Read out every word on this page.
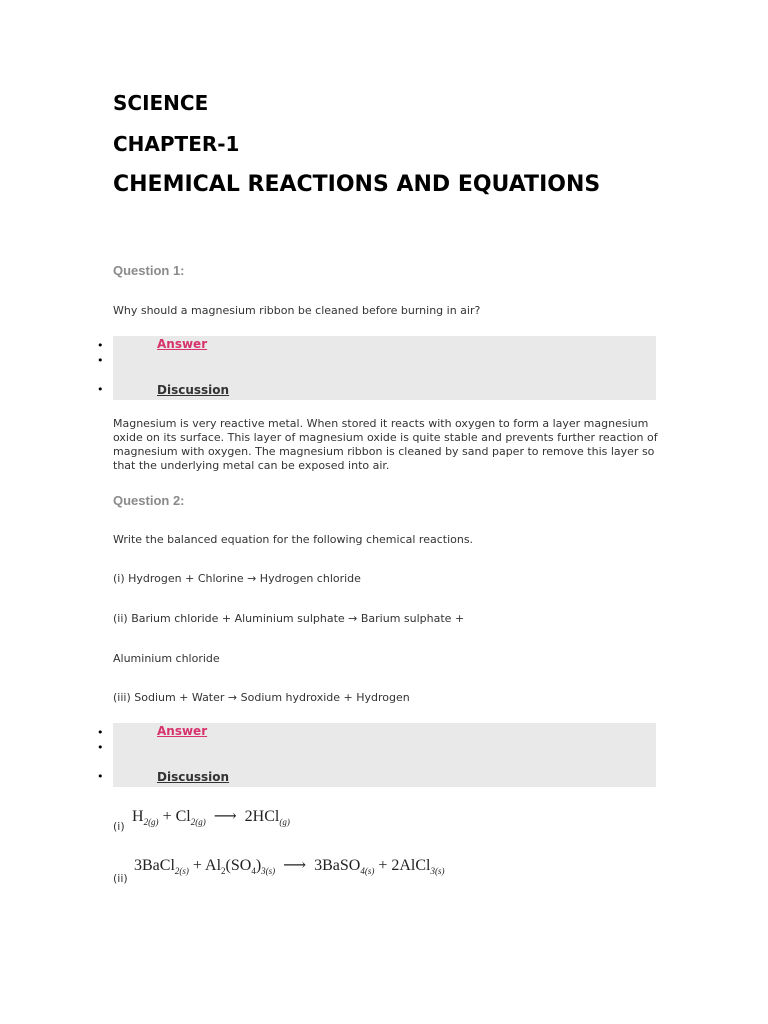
SCIENCE
CHAPTER-1
CHEMICAL REACTIONS AND EQUATIONS
Question 1:
Why should a magnesium ribbon be cleaned before burning in air?
•
•
•
Answer
Discussion
Magnesium is very reactive metal. When stored it reacts with oxygen to form a layer magnesium oxide on its surface. This layer of magnesium oxide is quite stable and prevents further reaction of magnesium with oxygen. The magnesium ribbon is cleaned by sand paper to remove this layer so that the underlying metal can be exposed into air.
Question 2:
Write the balanced equation for the following chemical reactions.
(i) Hydrogen + Chlorine → Hydrogen chloride
(ii) Barium chloride + Aluminium sulphate → Barium sulphate +
Aluminium chloride
(iii) Sodium + Water → Sodium hydroxide + Hydrogen
•
•
•
Answer
Discussion
(i)
$H_{2(g)} + Cl_{2(g)}$ ⟶ 2HCl$_{(g)}$
(ii)
3BaCl$_{2(s)}$ + $Al_2(SO_4)_{3(s)}$ ⟶ 3BaSO$_{4(s)}$ + 2AlCl$_{3(s)}$
